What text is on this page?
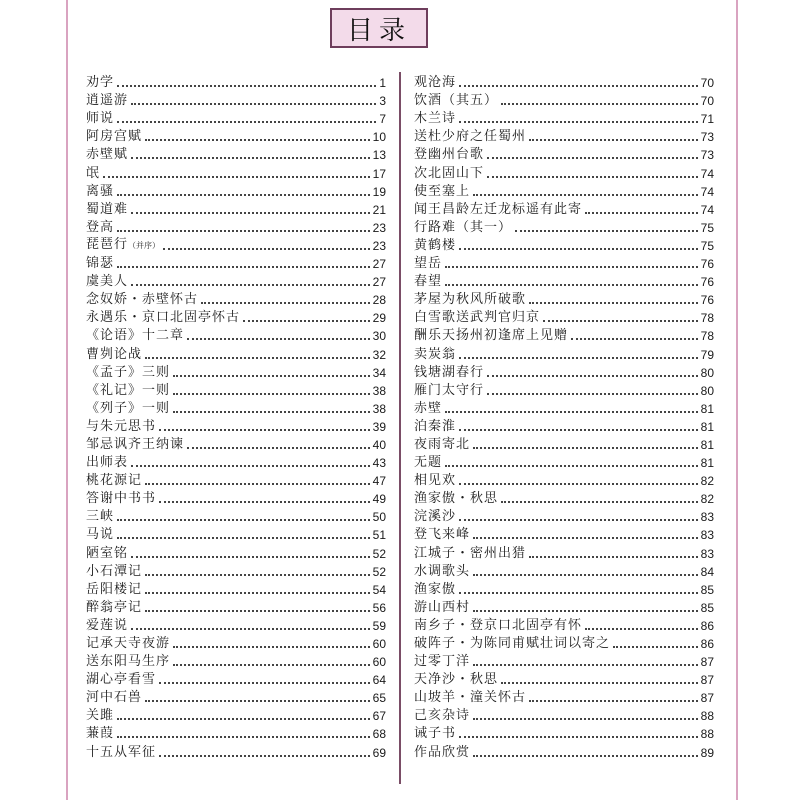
目录
劝学	1
逍遥游	3
师说	7
阿房宫赋	10
赤壁赋	13
氓	17
离骚	19
蜀道难	21
登高	23
琵琶行（并序）	23
锦瑟	27
虞美人	27
念奴娇・赤壁怀古	28
永遇乐・京口北固亭怀古	29
《论语》十二章	30
曹刿论战	32
《孟子》三则	34
《礼记》一则	38
《列子》一则	38
与朱元思书	39
邹忌讽齐王纳谏	40
出师表	43
桃花源记	47
答谢中书书	49
三峡	50
马说	51
陋室铭	52
小石潭记	52
岳阳楼记	54
醉翁亭记	56
爱莲说	59
记承天寺夜游	60
送东阳马生序	60
湖心亭看雪	64
河中石兽	65
关雎	67
蒹葭	68
十五从军征	69
观沧海	70
饮酒（其五）	70
木兰诗	71
送杜少府之任蜀州	73
登幽州台歌	73
次北固山下	74
使至塞上	74
闻王昌龄左迁龙标遥有此寄	74
行路难（其一）	75
黄鹤楼	75
望岳	76
春望	76
茅屋为秋风所破歌	76
白雪歌送武判官归京	78
酬乐天扬州初逢席上见赠	78
卖炭翁	79
钱塘湖春行	80
雁门太守行	80
赤壁	81
泊秦淮	81
夜雨寄北	81
无题	81
相见欢	82
渔家傲・秋思	82
浣溪沙	83
登飞来峰	83
江城子・密州出猎	83
水调歌头	84
渔家傲	85
游山西村	85
南乡子・登京口北固亭有怀	86
破阵子・为陈同甫赋壮词以寄之	86
过零丁洋	87
天净沙・秋思	87
山坡羊・潼关怀古	87
己亥杂诗	88
诫子书	88
作品欣赏	89
